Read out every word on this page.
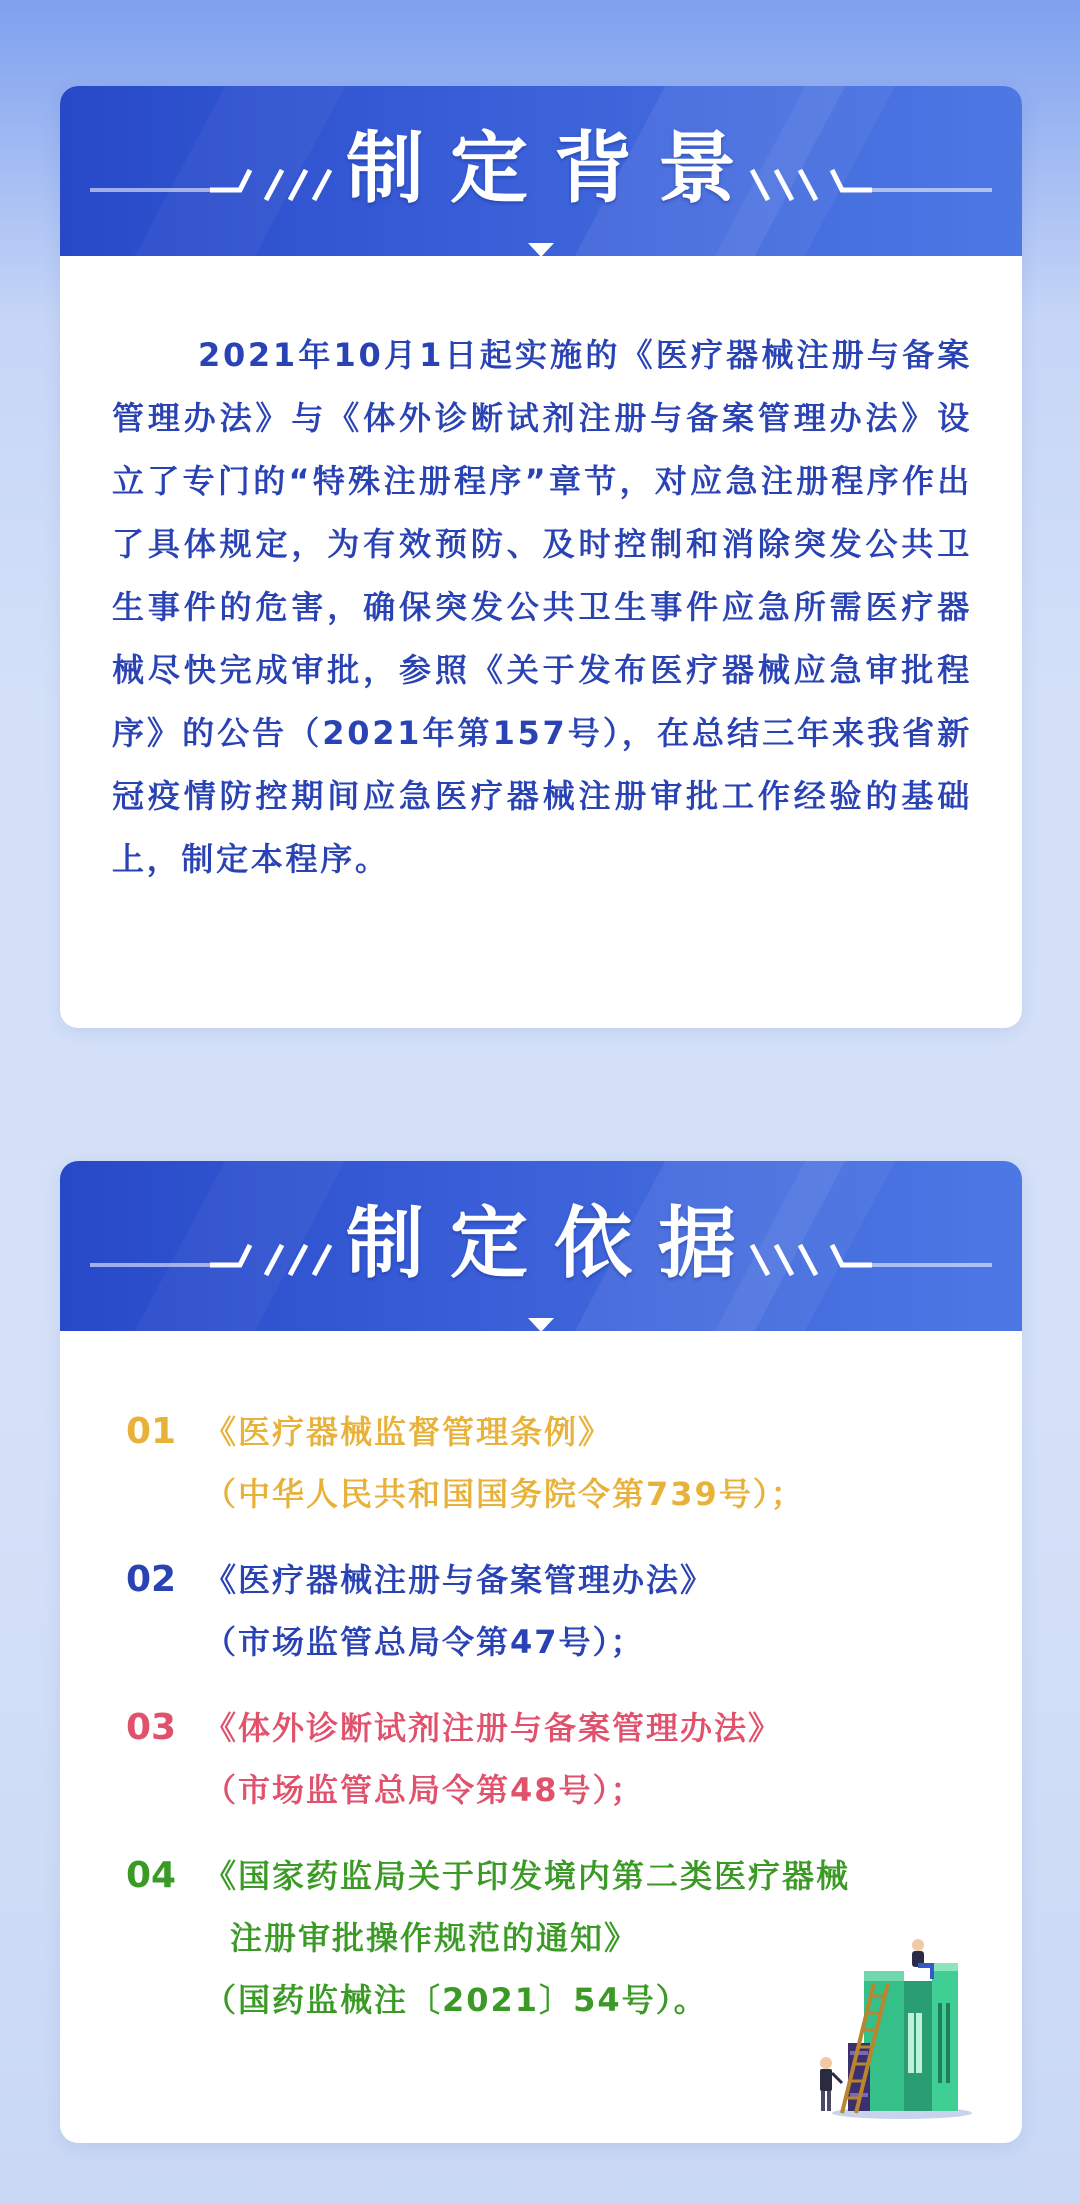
制定背景

2021年10月1日起实施的《医疗器械注册与备案管理办法》与《体外诊断试剂注册与备案管理办法》设立了专门的“特殊注册程序”章节，对应急注册程序作出了具体规定，为有效预防、及时控制和消除突发公共卫生事件的危害，确保突发公共卫生事件应急所需医疗器械尽快完成审批，参照《关于发布医疗器械应急审批程序》的公告（2021年第157号），在总结三年来我省新冠疫情防控期间应急医疗器械注册审批工作经验的基础上，制定本程序。

制定依据
01 《医疗器械监督管理条例》
（中华人民共和国国务院令第739号）；
02 《医疗器械注册与备案管理办法》
（市场监管总局令第47号）；
03 《体外诊断试剂注册与备案管理办法》
（市场监管总局令第48号）；
04 《国家药监局关于印发境内第二类医疗器械
注册审批操作规范的通知》
（国药监械注〔2021〕54号）。
